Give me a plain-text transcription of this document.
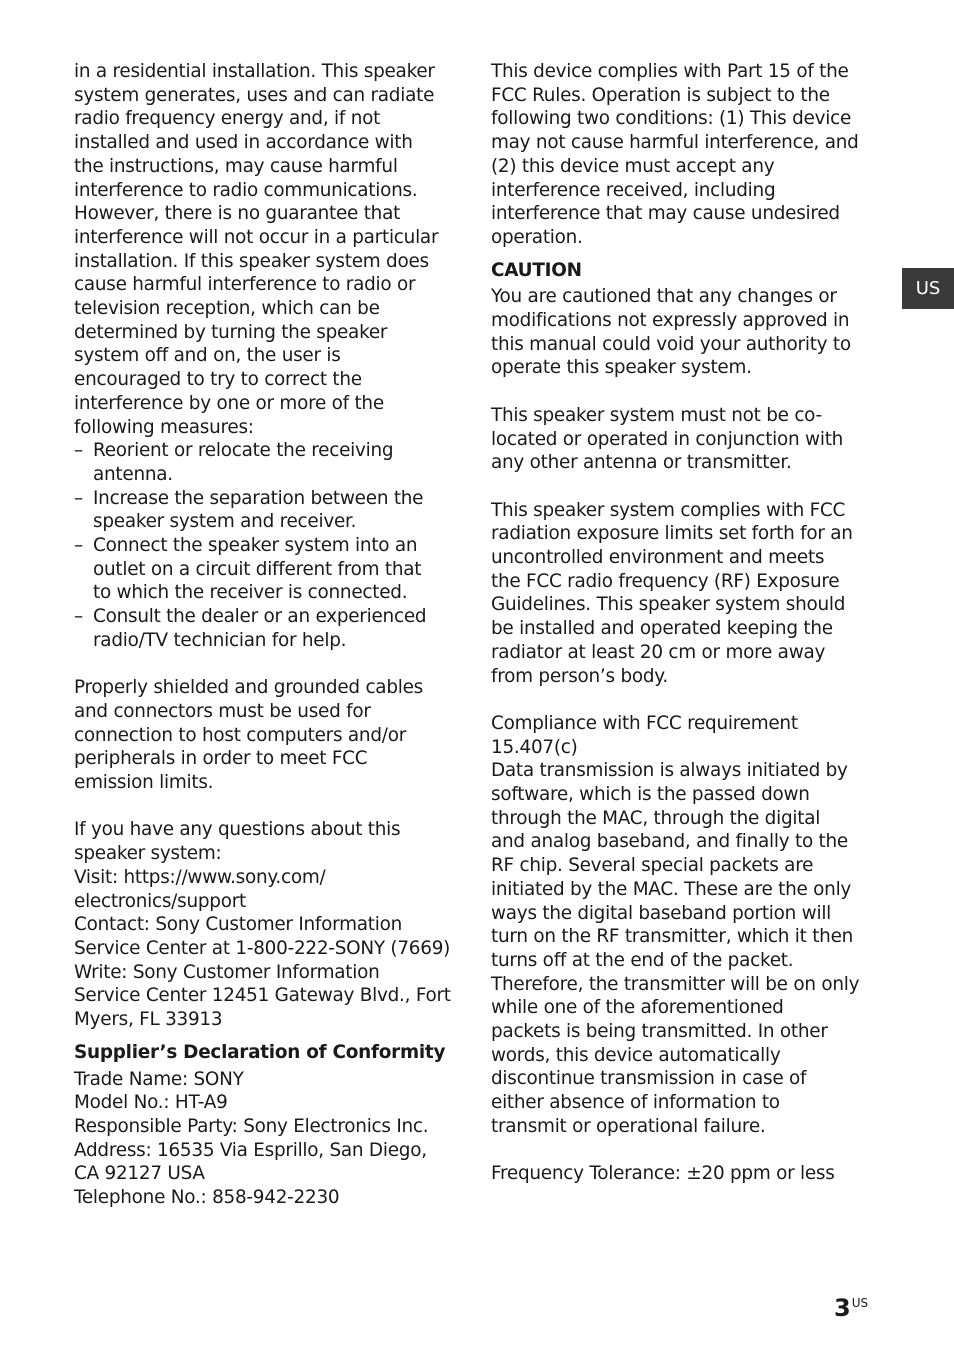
in a residential installation. This speaker
system generates, uses and can radiate
radio frequency energy and, if not
installed and used in accordance with
the instructions, may cause harmful
interference to radio communications.
However, there is no guarantee that
interference will not occur in a particular
installation. If this speaker system does
cause harmful interference to radio or
television reception, which can be
determined by turning the speaker
system off and on, the user is
encouraged to try to correct the
interference by one or more of the
following measures:
– Reorient or relocate the receiving
antenna.
– Increase the separation between the
speaker system and receiver.
– Connect the speaker system into an
outlet on a circuit different from that
to which the receiver is connected.
– Consult the dealer or an experienced
radio/TV technician for help.
Properly shielded and grounded cables
and connectors must be used for
connection to host computers and/or
peripherals in order to meet FCC
emission limits.
If you have any questions about this
speaker system:
Visit: https://www.sony.com/
electronics/support
Contact: Sony Customer Information
Service Center at 1-800-222-SONY (7669)
Write: Sony Customer Information
Service Center 12451 Gateway Blvd., Fort
Myers, FL 33913
Supplier’s Declaration of Conformity
Trade Name: SONY
Model No.: HT-A9
Responsible Party: Sony Electronics Inc.
Address: 16535 Via Esprillo, San Diego,
CA 92127 USA
Telephone No.: 858-942-2230
This device complies with Part 15 of the
FCC Rules. Operation is subject to the
following two conditions: (1) This device
may not cause harmful interference, and
(2) this device must accept any
interference received, including
interference that may cause undesired
operation.
CAUTION
You are cautioned that any changes or
modifications not expressly approved in
this manual could void your authority to
operate this speaker system.
This speaker system must not be co-
located or operated in conjunction with
any other antenna or transmitter.
This speaker system complies with FCC
radiation exposure limits set forth for an
uncontrolled environment and meets
the FCC radio frequency (RF) Exposure
Guidelines. This speaker system should
be installed and operated keeping the
radiator at least 20 cm or more away
from person’s body.
Compliance with FCC requirement
15.407(c)
Data transmission is always initiated by
software, which is the passed down
through the MAC, through the digital
and analog baseband, and finally to the
RF chip. Several special packets are
initiated by the MAC. These are the only
ways the digital baseband portion will
turn on the RF transmitter, which it then
turns off at the end of the packet.
Therefore, the transmitter will be on only
while one of the aforementioned
packets is being transmitted. In other
words, this device automatically
discontinue transmission in case of
either absence of information to
transmit or operational failure.
Frequency Tolerance: ±20 ppm or less
US
$3^{US}$
